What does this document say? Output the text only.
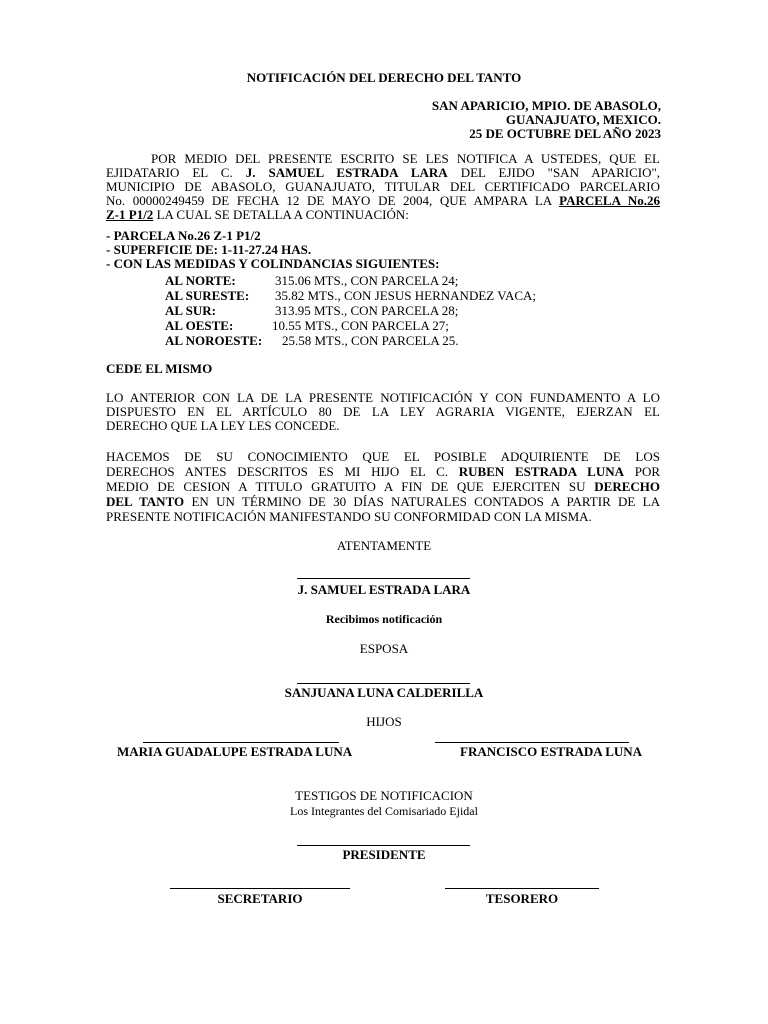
NOTIFICACIÓN DEL DERECHO DEL TANTO
SAN APARICIO, MPIO. DE ABASOLO,
GUANAJUATO, MEXICO.
25 DE OCTUBRE DEL AÑO 2023
POR MEDIO DEL PRESENTE ESCRITO SE LES NOTIFICA A USTEDES, QUE EL
EJIDATARIO EL C. J. SAMUEL ESTRADA LARA DEL EJIDO "SAN APARICIO",
MUNICIPIO DE ABASOLO, GUANAJUATO, TITULAR DEL CERTIFICADO PARCELARIO
No. 00000249459 DE FECHA 12 DE MAYO DE 2004, QUE AMPARA LA PARCELA No.26
Z-1 P1/2 LA CUAL SE DETALLA A CONTINUACIÓN:
- PARCELA No.26 Z-1 P1/2
- SUPERFICIE DE: 1-11-27.24 HAS.
- CON LAS MEDIDAS Y COLINDANCIAS SIGUIENTES:
AL NORTE:	315.06 MTS., CON PARCELA 24;
AL SURESTE: 35.82 MTS., CON JESUS HERNANDEZ VACA;
AL SUR:	313.95 MTS., CON PARCELA 28;
AL OESTE:	10.55 MTS., CON PARCELA 27;
AL NOROESTE: 25.58 MTS., CON PARCELA 25.
CEDE EL MISMO
LO ANTERIOR CON LA DE LA PRESENTE NOTIFICACIÓN Y CON FUNDAMENTO A LO
DISPUESTO EN EL ARTÍCULO 80 DE LA LEY AGRARIA VIGENTE, EJERZAN EL
DERECHO QUE LA LEY LES CONCEDE.
HACEMOS DE SU CONOCIMIENTO QUE EL POSIBLE ADQUIRIENTE DE LOS
DERECHOS ANTES DESCRITOS ES MI HIJO EL C. RUBEN ESTRADA LUNA POR
MEDIO DE CESION A TITULO GRATUITO A FIN DE QUE EJERCITEN SU DERECHO
DEL TANTO EN UN TÉRMINO DE 30 DÍAS NATURALES CONTADOS A PARTIR DE LA
PRESENTE NOTIFICACIÓN MANIFESTANDO SU CONFORMIDAD CON LA MISMA.
ATENTAMENTE
J. SAMUEL ESTRADA LARA
Recibimos notificación
ESPOSA
SANJUANA LUNA CALDERILLA
HIJOS
MARIA GUADALUPE ESTRADA LUNA	FRANCISCO ESTRADA LUNA
TESTIGOS DE NOTIFICACION
Los Integrantes del Comisariado Ejidal
PRESIDENTE
SECRETARIO	TESORERO
